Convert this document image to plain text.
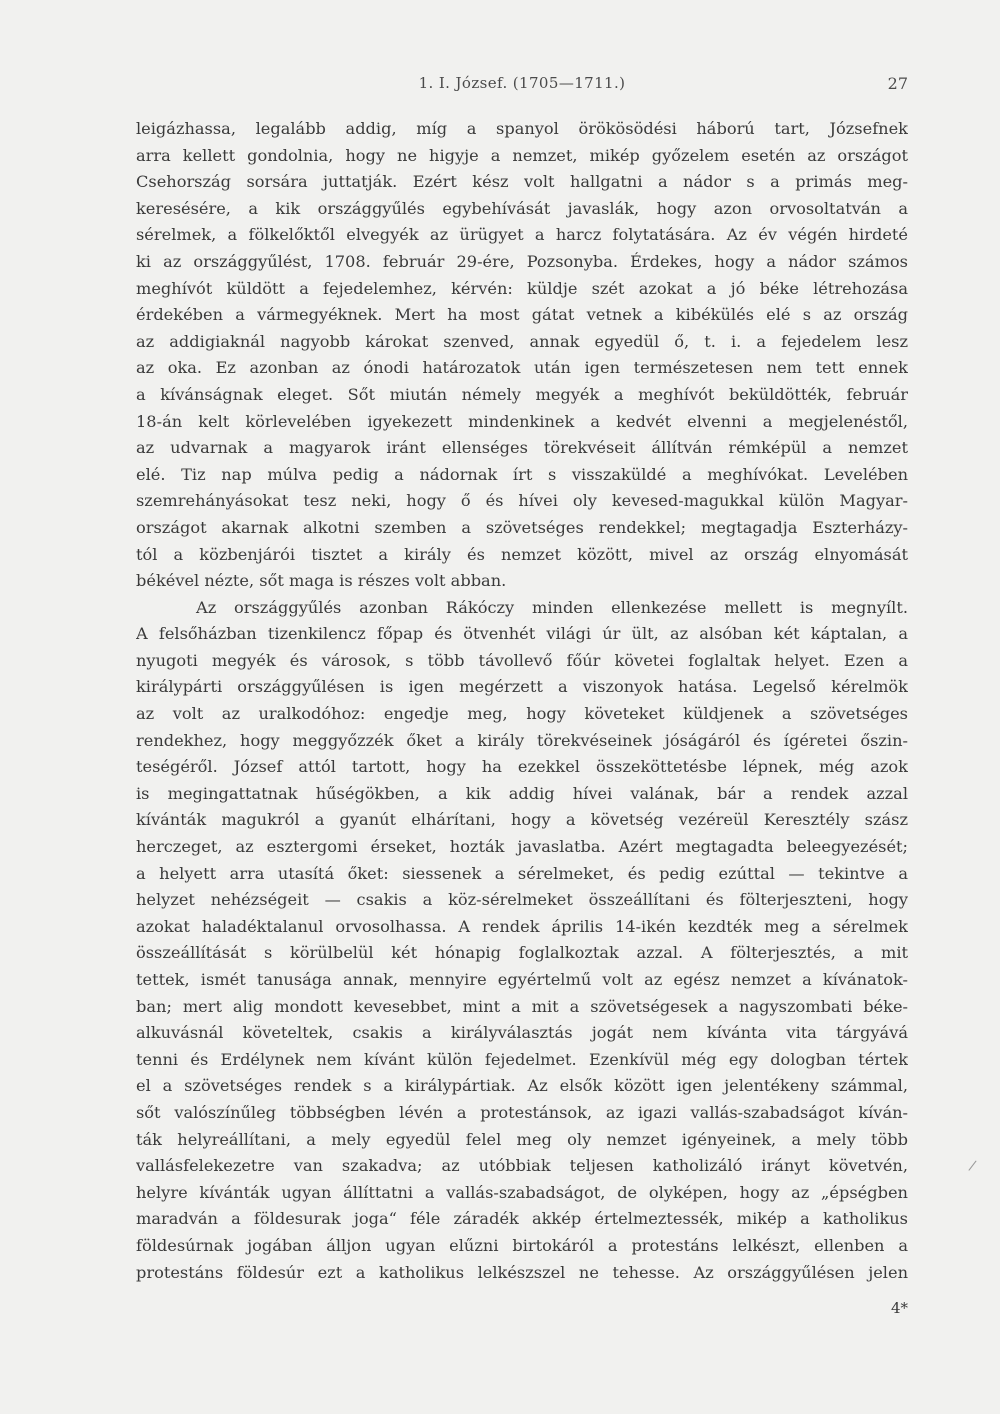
1. I. József. (1705—1711.)	27
leigázhassa, legalább addig, míg a spanyol örökösödési háború tart, Józsefnek
arra kellett gondolnia, hogy ne higyje a nemzet, mikép győzelem esetén az országot
Csehország sorsára juttatják. Ezért kész volt hallgatni a nádor s a primás meg-
keresésére, a kik országgyűlés egybehívását javaslák, hogy azon orvosoltatván a
sérelmek, a fölkelőktől elvegyék az ürügyet a harcz folytatására. Az év végén hirdeté
ki az országgyűlést, 1708. február 29-ére, Pozsonyba. Érdekes, hogy a nádor számos
meghívót küldött a fejedelemhez, kérvén: küldje szét azokat a jó béke létrehozása
érdekében a vármegyéknek. Mert ha most gátat vetnek a kibékülés elé s az ország
az addigiaknál nagyobb károkat szenved, annak egyedül ő, t. i. a fejedelem lesz
az oka. Ez azonban az ónodi határozatok után igen természetesen nem tett ennek
a kívánságnak eleget. Sőt miután némely megyék a meghívót beküldötték, február
18-án kelt körlevelében igyekezett mindenkinek a kedvét elvenni a megjelenéstől,
az udvarnak a magyarok iránt ellenséges törekvéseit állítván rémképül a nemzet
elé. Tiz nap múlva pedig a nádornak írt s visszaküldé a meghívókat. Levelében
szemrehányásokat tesz neki, hogy ő és hívei oly kevesed-magukkal külön Magyar-
országot akarnak alkotni szemben a szövetséges rendekkel; megtagadja Eszterházy-
tól a közbenjárói tisztet a király és nemzet között, mivel az ország elnyomását
békével nézte, sőt maga is részes volt abban.
Az országgyűlés azonban Rákóczy minden ellenkezése mellett is megnyílt.
A felsőházban tizenkilencz főpap és ötvenhét világi úr ült, az alsóban két káptalan, a
nyugoti megyék és városok, s több távollevő főúr követei foglaltak helyet. Ezen a
királypárti országgyűlésen is igen megérzett a viszonyok hatása. Legelső kérelmök
az volt az uralkodóhoz: engedje meg, hogy követeket küldjenek a szövetséges
rendekhez, hogy meggyőzzék őket a király törekvéseinek jóságáról és ígéretei őszin-
teségéről. József attól tartott, hogy ha ezekkel összeköttetésbe lépnek, még azok
is megingattatnak hűségökben, a kik addig hívei valának, bár a rendek azzal
kívánták magukról a gyanút elhárítani, hogy a követség vezéreül Keresztély szász
herczeget, az esztergomi érseket, hozták javaslatba. Azért megtagadta beleegyezését;
a helyett arra utasítá őket: siessenek a sérelmeket, és pedig ezúttal — tekintve a
helyzet nehézségeit — csakis a köz-sérelmeket összeállítani és fölterjeszteni, hogy
azokat haladéktalanul orvosolhassa. A rendek április 14-ikén kezdték meg a sérelmek
összeállítását s körülbelül két hónapig foglalkoztak azzal. A fölterjesztés, a mit
tettek, ismét tanusága annak, mennyire egyértelmű volt az egész nemzet a kívánatok-
ban; mert alig mondott kevesebbet, mint a mit a szövetségesek a nagyszombati béke-
alkuvásnál követeltek, csakis a királyválasztás jogát nem kívánta vita tárgyává
tenni és Erdélynek nem kívánt külön fejedelmet. Ezenkívül még egy dologban tértek
el a szövetséges rendek s a királypártiak. Az elsők között igen jelentékeny számmal,
sőt valószínűleg többségben lévén a protestánsok, az igazi vallás-szabadságot kíván-
ták helyreállítani, a mely egyedül felel meg oly nemzet igényeinek, a mely több
vallásfelekezetre van szakadva; az utóbbiak teljesen katholizáló irányt követvén,
helyre kívánták ugyan állíttatni a vallás-szabadságot, de olyképen, hogy az „épségben
maradván a földesurak joga“ féle záradék akkép értelmeztessék, mikép a katholikus
földesúrnak jogában álljon ugyan elűzni birtokáról a protestáns lelkészt, ellenben a
protestáns földesúr ezt a katholikus lelkészszel ne tehesse. Az országgyűlésen jelen
4*
/
